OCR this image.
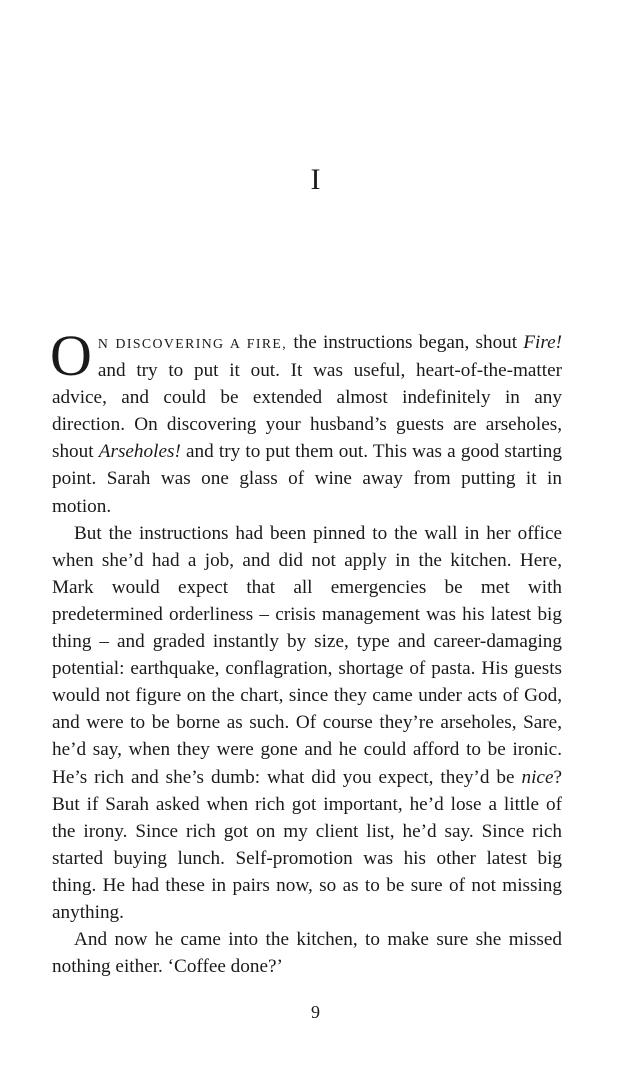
I

O N DISCOVERING A FIRE, the instructions began, shout Fire! and try to put it out. It was useful, heart-of-the-matter advice, and could be extended almost indefinitely in any direction. On discovering your husband’s guests are arseholes, shout Arseholes! and try to put them out. This was a good starting point. Sarah was one glass of wine away from putting it in motion.

But the instructions had been pinned to the wall in her office when she’d had a job, and did not apply in the kitchen. Here, Mark would expect that all emergencies be met with predetermined orderliness – crisis management was his latest big thing – and graded instantly by size, type and career-damaging potential: earthquake, conflagration, shortage of pasta. His guests would not figure on the chart, since they came under acts of God, and were to be borne as such. Of course they’re arseholes, Sare, he’d say, when they were gone and he could afford to be ironic. He’s rich and she’s dumb: what did you expect, they’d be nice? But if Sarah asked when rich got important, he’d lose a little of the irony. Since rich got on my client list, he’d say. Since rich started buying lunch. Self-promotion was his other latest big thing. He had these in pairs now, so as to be sure of not missing anything.

And now he came into the kitchen, to make sure she missed nothing either. ‘Coffee done?’

9
